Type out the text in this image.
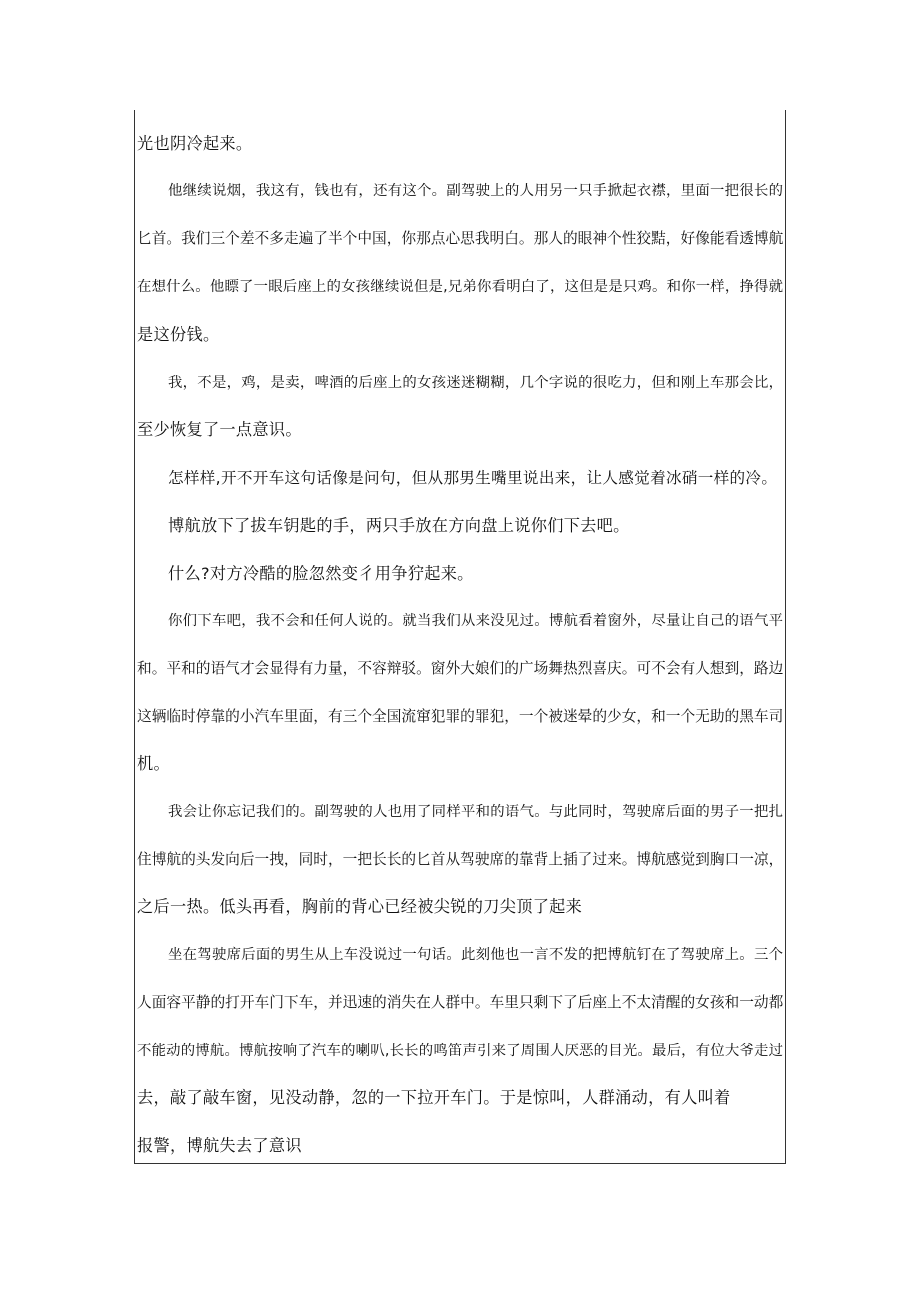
光也阴冷起来。
他继续说烟，我这有，钱也有，还有这个。副驾驶上的人用另一只手掀起衣襟，里面一把很长的
匕首。我们三个差不多走遍了半个中国，你那点心思我明白。那人的眼神个性狡黠，好像能看透博航
在想什么。他瞟了一眼后座上的女孩继续说但是,兄弟你看明白了，这但是是只鸡。和你一样，挣得就
是这份钱。
我，不是，鸡，是卖，啤酒的后座上的女孩迷迷糊糊，几个字说的很吃力，但和刚上车那会比，
至少恢复了一点意识。
怎样样,开不开车这句话像是问句，但从那男生嘴里说出来，让人感觉着冰硝一样的冷。
博航放下了拔车钥匙的手，两只手放在方向盘上说你们下去吧。
什么?对方冷酷的脸忽然变彳用争狞起来。
你们下车吧，我不会和任何人说的。就当我们从来没见过。博航看着窗外，尽量让自己的语气平
和。平和的语气才会显得有力量，不容辩驳。窗外大娘们的广场舞热烈喜庆。可不会有人想到，路边
这辆临时停靠的小汽车里面，有三个全国流窜犯罪的罪犯，一个被迷晕的少女，和一个无助的黑车司
机。
我会让你忘记我们的。副驾驶的人也用了同样平和的语气。与此同时，驾驶席后面的男子一把扎
住博航的头发向后一拽，同时，一把长长的匕首从驾驶席的靠背上插了过来。博航感觉到胸口一凉，
之后一热。低头再看，胸前的背心已经被尖锐的刀尖顶了起来
坐在驾驶席后面的男生从上车没说过一句话。此刻他也一言不发的把博航钉在了驾驶席上。三个
人面容平静的打开车门下车，并迅速的消失在人群中。车里只剩下了后座上不太清醒的女孩和一动都
不能动的博航。博航按响了汽车的喇叭,长长的鸣笛声引来了周围人厌恶的目光。最后，有位大爷走过
去，敲了敲车窗，见没动静，忽的一下拉开车门。于是惊叫，人群涌动，有人叫着
报警，博航失去了意识
